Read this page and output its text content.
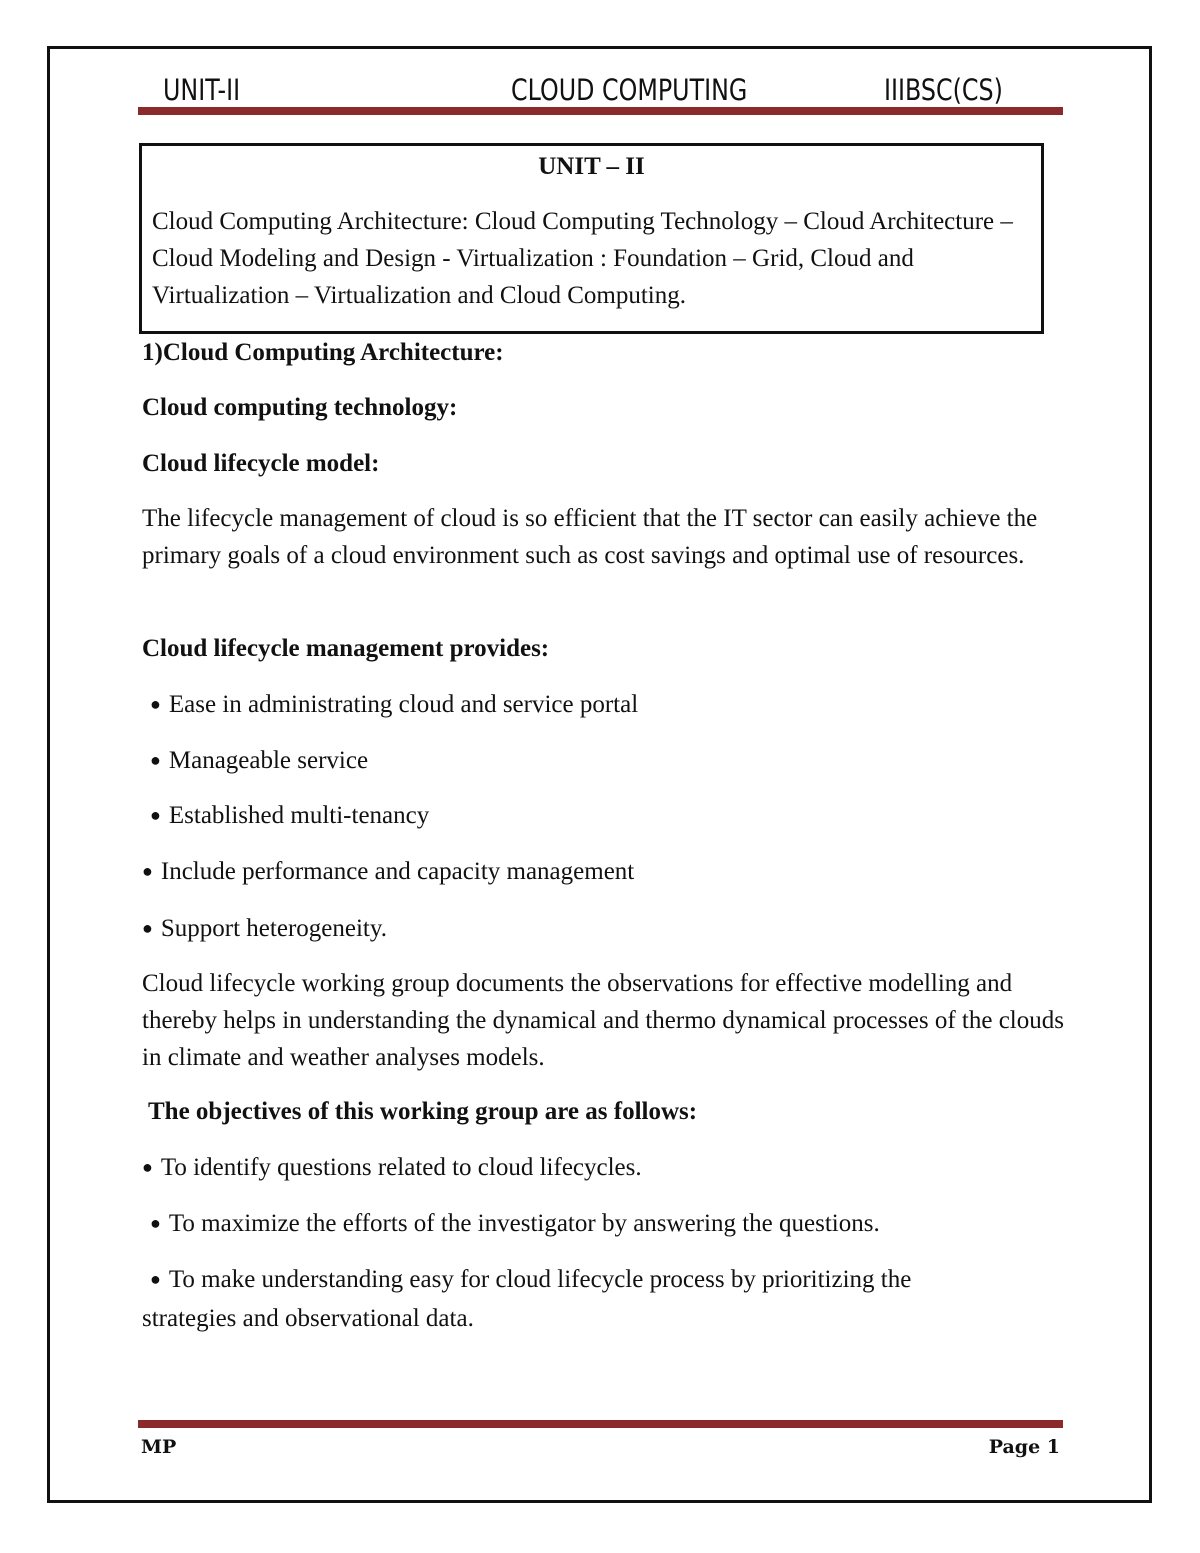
UNIT-II	CLOUD COMPUTING	IIIBSC(CS)
UNIT – II
Cloud Computing Architecture: Cloud Computing Technology – Cloud Architecture – Cloud Modeling and Design - Virtualization : Foundation – Grid, Cloud and Virtualization – Virtualization and Cloud Computing.
1)Cloud Computing Architecture:
Cloud computing technology:
Cloud lifecycle model:
The lifecycle management of cloud is so efficient that the IT sector can easily achieve the primary goals of a cloud environment such as cost savings and optimal use of resources.
Cloud lifecycle management provides:
● Ease in administrating cloud and service portal
● Manageable service
● Established multi-tenancy
● Include performance and capacity management
● Support heterogeneity.
Cloud lifecycle working group documents the observations for effective modelling and thereby helps in understanding the dynamical and thermo dynamical processes of the clouds in climate and weather analyses models.
The objectives of this working group are as follows:
● To identify questions related to cloud lifecycles.
● To maximize the efforts of the investigator by answering the questions.
● To make understanding easy for cloud lifecycle process by prioritizing the strategies and observational data.
MP	Page 1
